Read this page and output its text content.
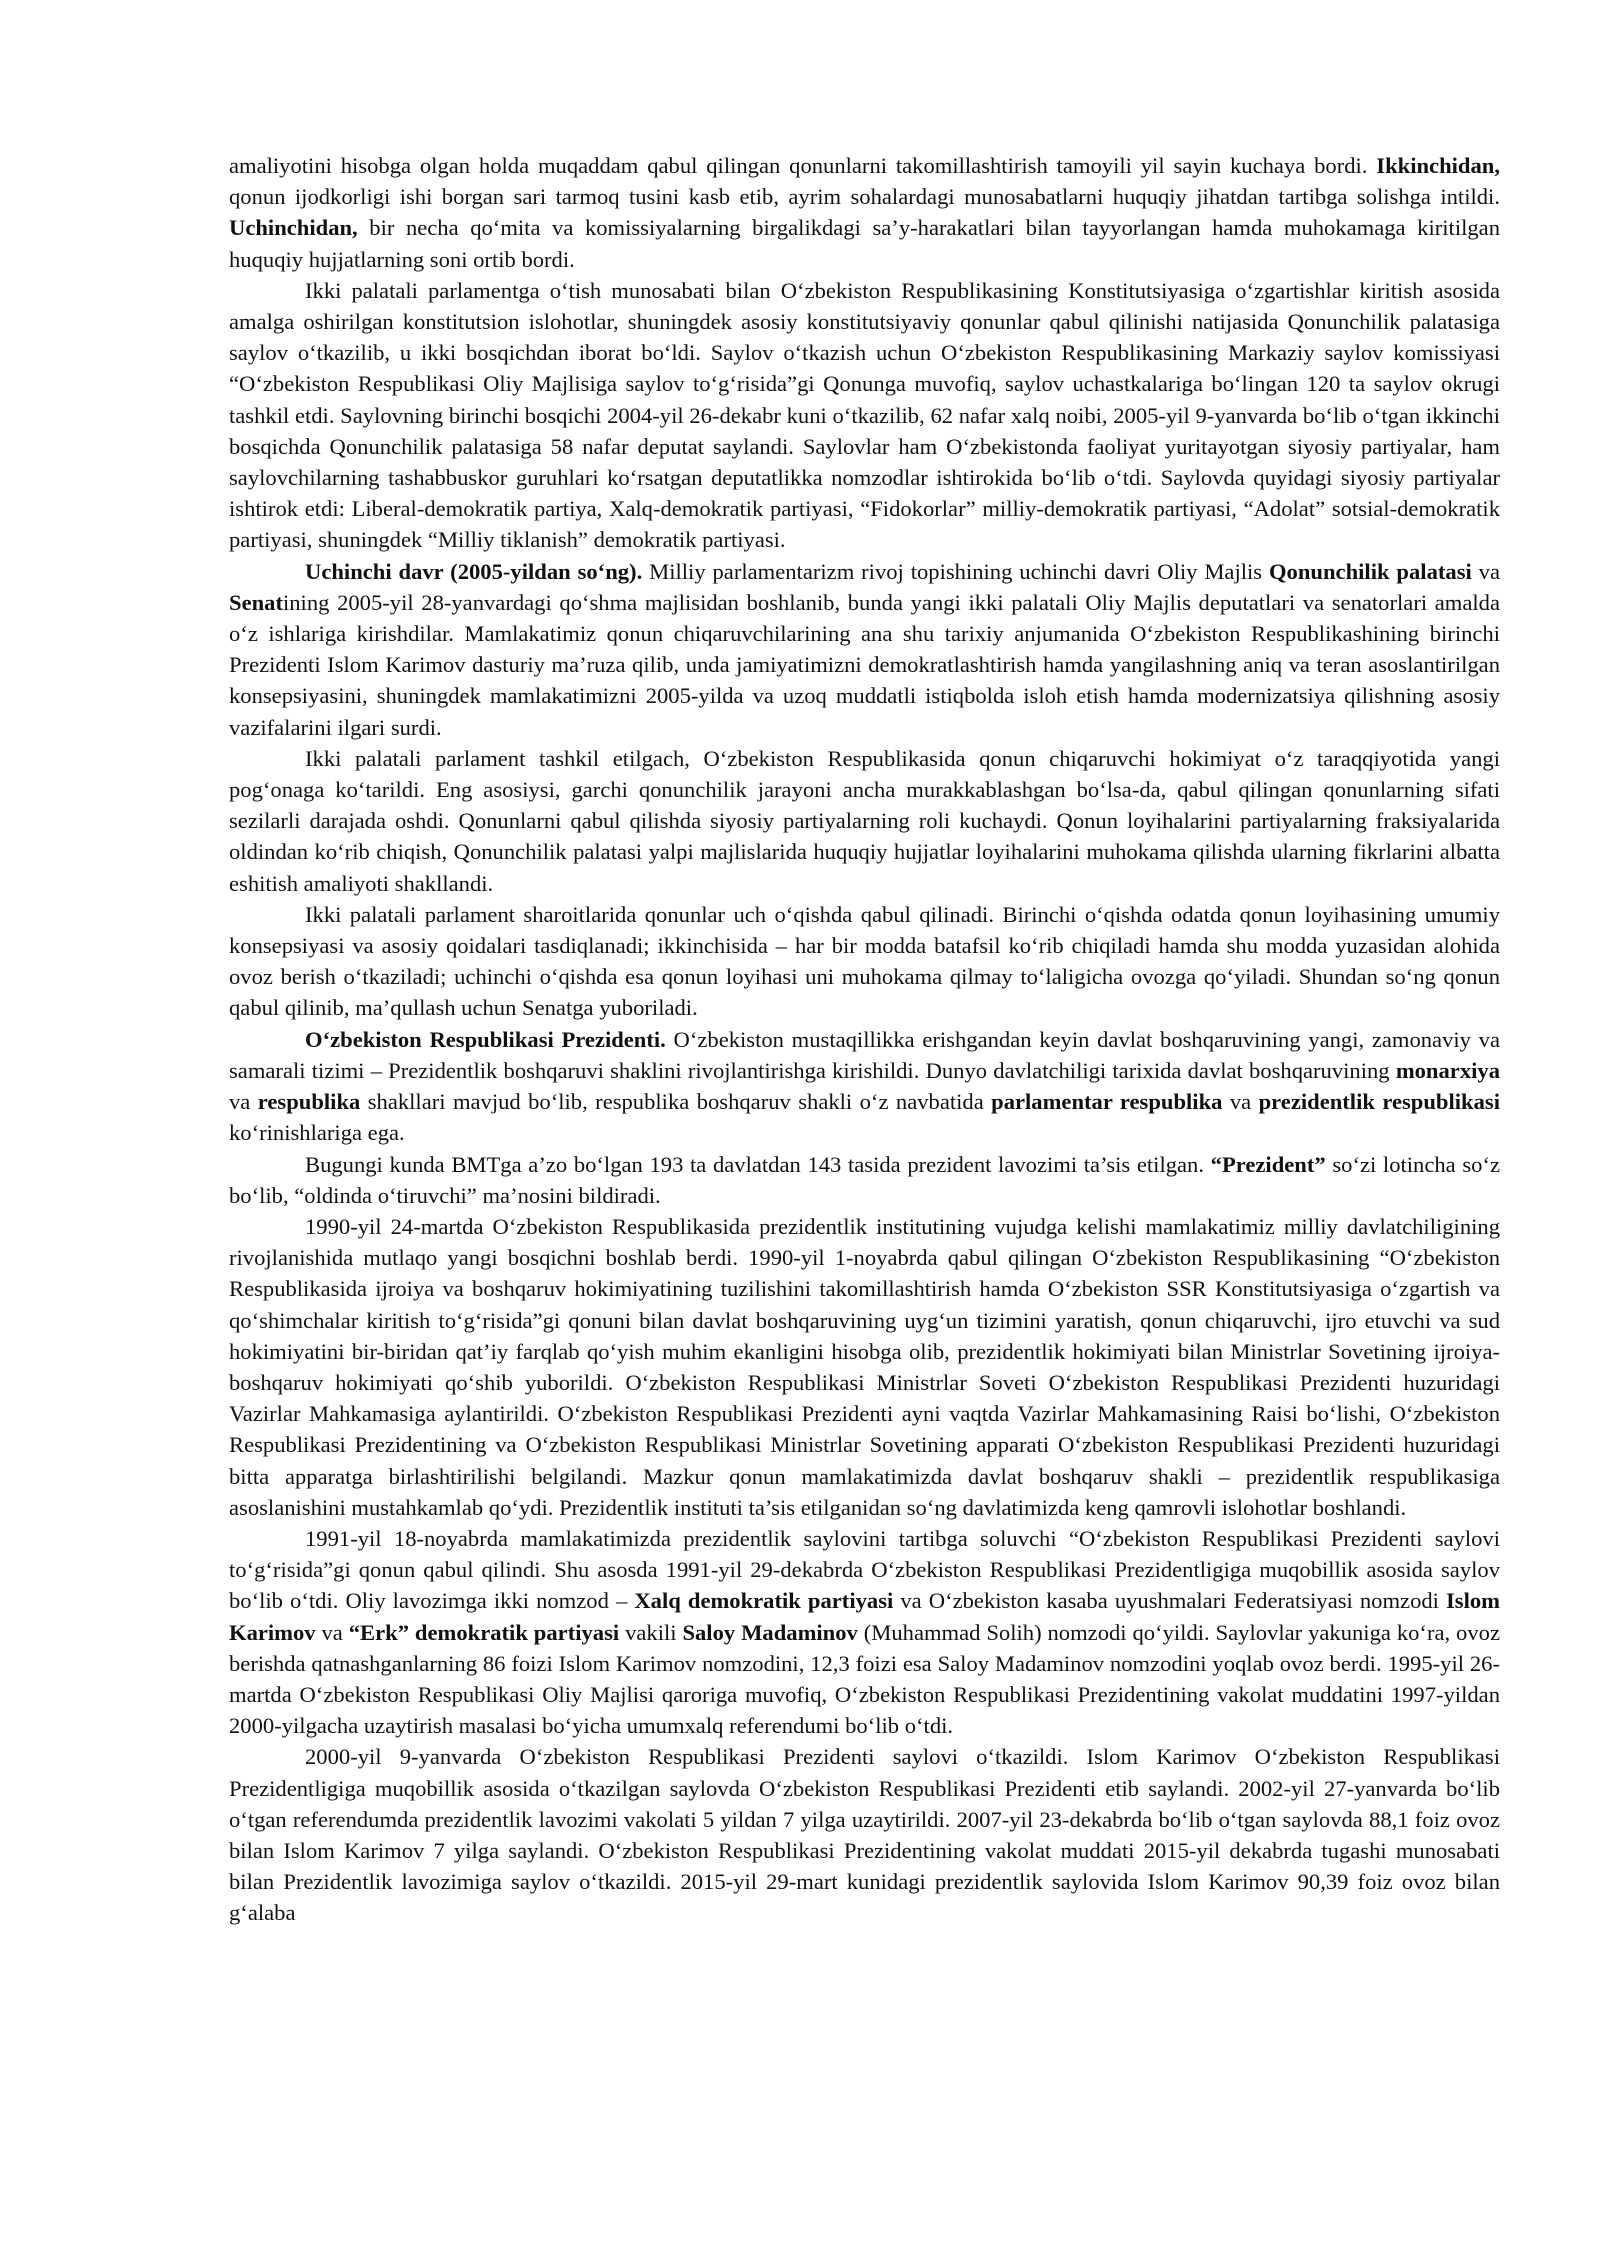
amaliyotini hisobga olgan holda muqaddam qabul qilingan qonunlarni takomillashtirish tamoyili yil sayin kuchaya bordi. Ikkinchidan, qonun ijodkorligi ishi borgan sari tarmoq tusini kasb etib, ayrim sohalardagi munosabatlarni huquqiy jihatdan tartibga solishga intildi. Uchinchidan, bir necha qo‘mita va komissiyalarning birgalikdagi sa’y-harakatlari bilan tayyorlangan hamda muhokamaga kiritilgan huquqiy hujjatlarning soni ortib bordi.

Ikki palatali parlamentga o‘tish munosabati bilan O‘zbekiston Respublikasining Konstitutsiyasiga o‘zgartishlar kiritish asosida amalga oshirilgan konstitutsion islohotlar, shuningdek asosiy konstitutsiyaviy qonunlar qabul qilinishi natijasida Qonunchilik palatasiga saylov o‘tkazilib, u ikki bosqichdan iborat bo‘ldi. Saylov o‘tkazish uchun O‘zbekiston Respublikasining Markaziy saylov komissiyasi “O‘zbekiston Respublikasi Oliy Majlisiga saylov to‘g‘risida”gi Qonunga muvofiq, saylov uchastkalariga bo‘lingan 120 ta saylov okrugi tashkil etdi. Saylovning birinchi bosqichi 2004-yil 26-dekabr kuni o‘tkazilib, 62 nafar xalq noibi, 2005-yil 9-yanvarda bo‘lib o‘tgan ikkinchi bosqichda Qonunchilik palatasiga 58 nafar deputat saylandi. Saylovlar ham O‘zbekistonda faoliyat yuritayotgan siyosiy partiyalar, ham saylovchilarning tashabbuskor guruhlari ko‘rsatgan deputatlikka nomzodlar ishtirokida bo‘lib o‘tdi. Saylovda quyidagi siyosiy partiyalar ishtirok etdi: Liberal-demokratik partiya, Xalq-demokratik partiyasi, “Fidokorlar” milliy-demokratik partiyasi, “Adolat” sotsial-demokratik partiyasi, shuningdek “Milliy tiklanish” demokratik partiyasi.

Uchinchi davr (2005-yildan so‘ng). Milliy parlamentarizm rivoj topishining uchinchi davri Oliy Majlis Qonunchilik palatasi va Senatining 2005-yil 28-yanvardagi qo‘shma majlisidan boshlanib, bunda yangi ikki palatali Oliy Majlis deputatlari va senatorlari amalda o‘z ishlariga kirishdilar. Mamlakatimiz qonun chiqaruvchilarining ana shu tarixiy anjumanida O‘zbekiston Respublikashining birinchi Prezidenti Islom Karimov dasturiy ma’ruza qilib, unda jamiyatimizni demokratlashtirish hamda yangilashning aniq va teran asoslantirilgan konsepsiyasini, shuningdek mamlakatimizni 2005-yilda va uzoq muddatli istiqbolda isloh etish hamda modernizatsiya qilishning asosiy vazifalarini ilgari surdi.

Ikki palatali parlament tashkil etilgach, O‘zbekiston Respublikasida qonun chiqaruvchi hokimiyat o‘z taraqqiyotida yangi pog‘onaga ko‘tarildi. Eng asosiysi, garchi qonunchilik jarayoni ancha murakkablashgan bo‘lsa-da, qabul qilingan qonunlarning sifati sezilarli darajada oshdi. Qonunlarni qabul qilishda siyosiy partiyalarning roli kuchaydi. Qonun loyihalarini partiyalarning fraksiyalarida oldindan ko‘rib chiqish, Qonunchilik palatasi yalpi majlislarida huquqiy hujjatlar loyihalarini muhokama qilishda ularning fikrlarini albatta eshitish amaliyoti shakllandi.

Ikki palatali parlament sharoitlarida qonunlar uch o‘qishda qabul qilinadi. Birinchi o‘qishda odatda qonun loyihasining umumiy konsepsiyasi va asosiy qoidalari tasdiqlanadi; ikkinchisida – har bir modda batafsil ko‘rib chiqiladi hamda shu modda yuzasidan alohida ovoz berish o‘tkaziladi; uchinchi o‘qishda esa qonun loyihasi uni muhokama qilmay to‘laligicha ovozga qo‘yiladi. Shundan so‘ng qonun qabul qilinib, ma’qullash uchun Senatga yuboriladi.

O‘zbekiston Respublikasi Prezidenti. O‘zbekiston mustaqillikka erishgandan keyin davlat boshqaruvining yangi, zamonaviy va samarali tizimi – Prezidentlik boshqaruvi shaklini rivojlantirishga kirishildi. Dunyo davlatchiligi tarixida davlat boshqaruvining monarxiya va respublika shakllari mavjud bo‘lib, respublika boshqaruv shakli o‘z navbatida parlamentar respublika va prezidentlik respublikasi ko‘rinishlariga ega.

Bugungi kunda BMTga a’zo bo‘lgan 193 ta davlatdan 143 tasida prezident lavozimi ta’sis etilgan. “Prezident” so‘zi lotincha so‘z bo‘lib, “oldinda o‘tiruvchi” ma’nosini bildiradi.

1990-yil 24-martda O‘zbekiston Respublikasida prezidentlik institutining vujudga kelishi mamlakatimiz milliy davlatchiligining rivojlanishida mutlaqo yangi bosqichni boshlab berdi. 1990-yil 1-noyabrda qabul qilingan O‘zbekiston Respublikasining “O‘zbekiston Respublikasida ijroiya va boshqaruv hokimiyatining tuzilishini takomillashtirish hamda O‘zbekiston SSR Konstitutsiyasiga o‘zgartish va qo‘shimchalar kiritish to‘g‘risida”gi qonuni bilan davlat boshqaruvining uyg‘un tizimini yaratish, qonun chiqaruvchi, ijro etuvchi va sud hokimiyatini bir-biridan qat’iy farqlab qo‘yish muhim ekanligini hisobga olib, prezidentlik hokimiyati bilan Ministrlar Sovetining ijroiya-boshqaruv hokimiyati qo‘shib yuborildi. O‘zbekiston Respublikasi Ministrlar Soveti O‘zbekiston Respublikasi Prezidenti huzuridagi Vazirlar Mahkamasiga aylantirildi. O‘zbekiston Respublikasi Prezidenti ayni vaqtda Vazirlar Mahkamasining Raisi bo‘lishi, O‘zbekiston Respublikasi Prezidentining va O‘zbekiston Respublikasi Ministrlar Sovetining apparati O‘zbekiston Respublikasi Prezidenti huzuridagi bitta apparatga birlashtirilishi belgilandi. Mazkur qonun mamlakatimizda davlat boshqaruv shakli – prezidentlik respublikasiga asoslanishini mustahkamlab qo‘ydi. Prezidentlik instituti ta’sis etilganidan so‘ng davlatimizda keng qamrovli islohotlar boshlandi.

1991-yil 18-noyabrda mamlakatimizda prezidentlik saylovini tartibga soluvchi “O‘zbekiston Respublikasi Prezidenti saylovi to‘g‘risida”gi qonun qabul qilindi. Shu asosda 1991-yil 29-dekabrda O‘zbekiston Respublikasi Prezidentligiga muqobillik asosida saylov bo‘lib o‘tdi. Oliy lavozimga ikki nomzod – Xalq demokratik partiyasi va O‘zbekiston kasaba uyushmalari Federatsiyasi nomzodi Islom Karimov va “Erk” demokratik partiyasi vakili Saloy Madaminov (Muhammad Solih) nomzodi qo‘yildi. Saylovlar yakuniga ko‘ra, ovoz berishda qatnashganlarning 86 foizi Islom Karimov nomzodini, 12,3 foizi esa Saloy Madaminov nomzodini yoqlab ovoz berdi. 1995-yil 26-martda O‘zbekiston Respublikasi Oliy Majlisi qaroriga muvofiq, O‘zbekiston Respublikasi Prezidentining vakolat muddatini 1997-yildan 2000-yilgacha uzaytirish masalasi bo‘yicha umumxalq referendumi bo‘lib o‘tdi.

2000-yil 9-yanvarda O‘zbekiston Respublikasi Prezidenti saylovi o‘tkazildi. Islom Karimov O‘zbekiston Respublikasi Prezidentligiga muqobillik asosida o‘tkazilgan saylovda O‘zbekiston Respublikasi Prezidenti etib saylandi. 2002-yil 27-yanvarda bo‘lib o‘tgan referendumda prezidentlik lavozimi vakolati 5 yildan 7 yilga uzaytirildi. 2007-yil 23-dekabrda bo‘lib o‘tgan saylovda 88,1 foiz ovoz bilan Islom Karimov 7 yilga saylandi. O‘zbekiston Respublikasi Prezidentining vakolat muddati 2015-yil dekabrda tugashi munosabati bilan Prezidentlik lavozimiga saylov o‘tkazildi. 2015-yil 29-mart kunidagi prezidentlik saylovida Islom Karimov 90,39 foiz ovoz bilan g‘alaba
